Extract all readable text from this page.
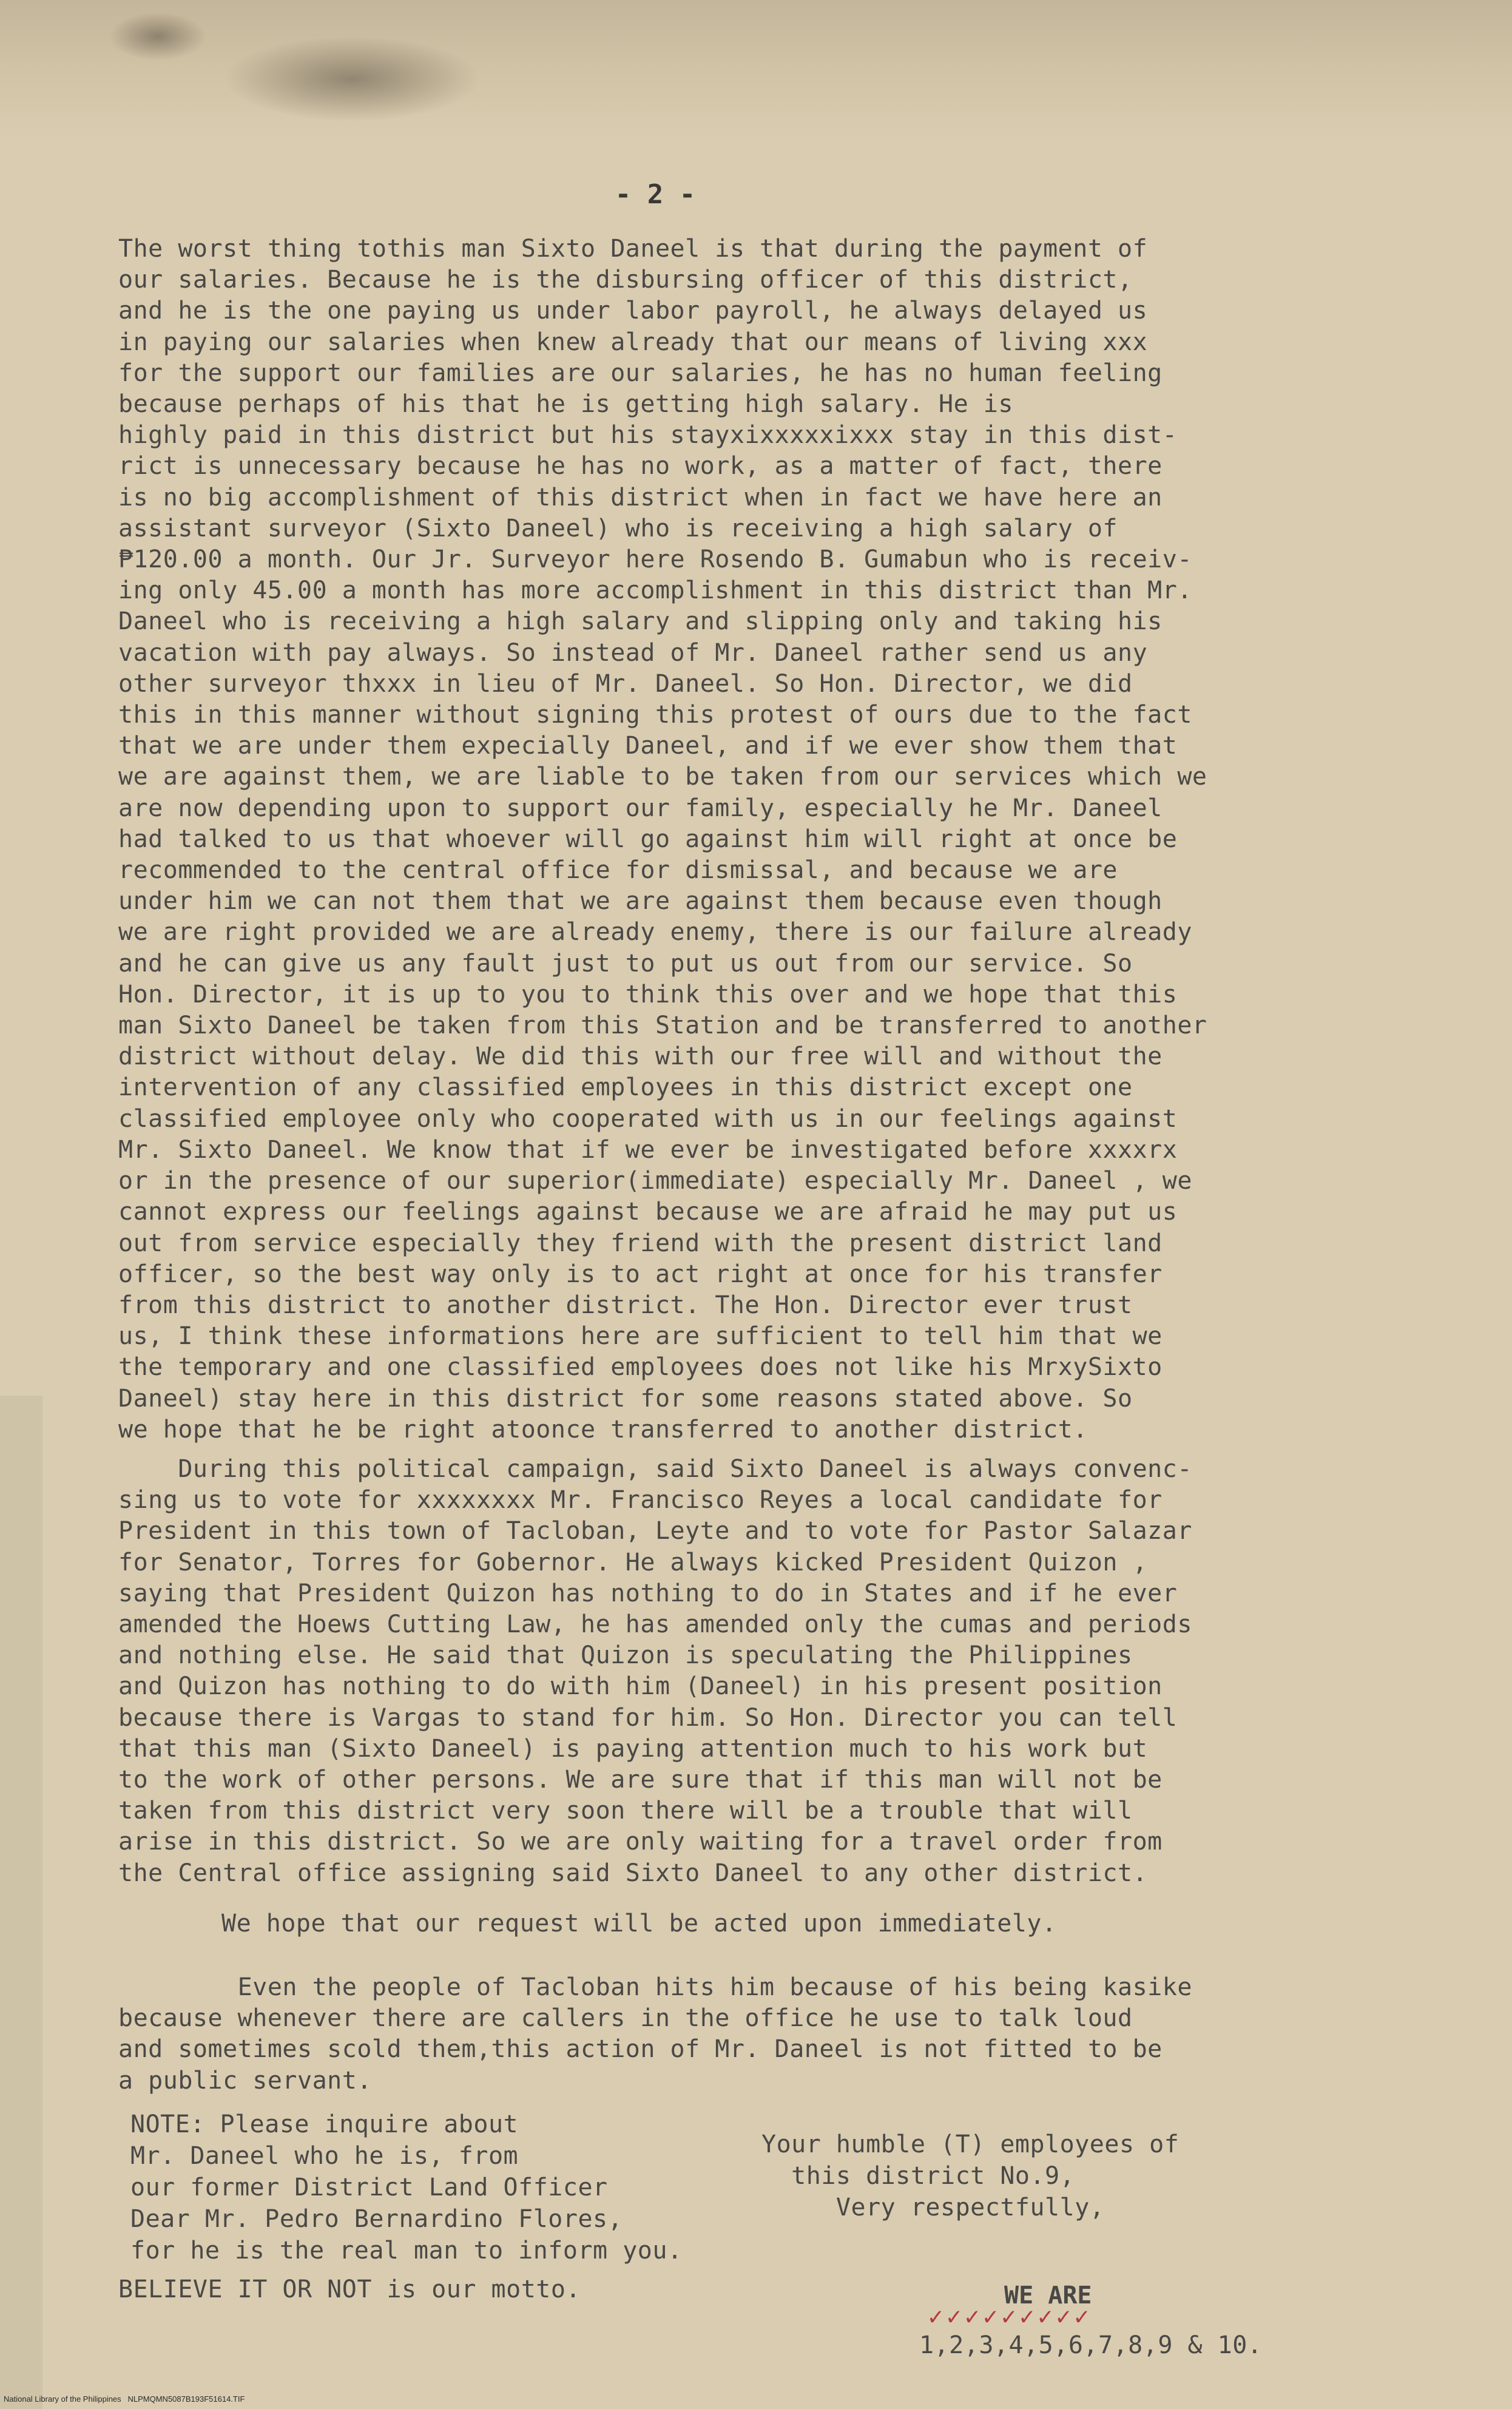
- 2 -
The worst thing tothis man Sixto Daneel is that during the payment of
our salaries. Because he is the disbursing officer of this district,
and he is the one paying us under labor payroll, he always delayed us
in paying our salaries when knew already that our means of living xxx
for the support our families are our salaries, he has no human feeling
because perhaps of his that he is getting high salary. He is
highly paid in this district but his stayxixxxxxixxx stay in this dist-
rict is unnecessary because he has no work, as a matter of fact, there
is no big accomplishment of this district when in fact we have here an
assistant surveyor (Sixto Daneel) who is receiving a high salary of
₱120.00 a month. Our Jr. Surveyor here Rosendo B. Gumabun who is receiv-
ing only 45.00 a month has more accomplishment in this district than Mr.
Daneel who is receiving a high salary and slipping only and taking his
vacation with pay always. So instead of Mr. Daneel rather send us any
other surveyor thxxx in lieu of Mr. Daneel. So Hon. Director, we did
this in this manner without signing this protest of ours due to the fact
that we are under them expecially Daneel, and if we ever show them that
we are against them, we are liable to be taken from our services which we
are now depending upon to support our family, especially he Mr. Daneel
had talked to us that whoever will go against him will right at once be
recommended to the central office for dismissal, and because we are
under him we can not them that we are against them because even though
we are right provided we are already enemy, there is our failure already
and he can give us any fault just to put us out from our service. So
Hon. Director, it is up to you to think this over and we hope that this
man Sixto Daneel be taken from this Station and be transferred to another
district without delay. We did this with our free will and without the
intervention of any classified employees in this district except one
classified employee only who cooperated with us in our feelings against
Mr. Sixto Daneel. We know that if we ever be investigated before xxxxrx
or in the presence of our superior(immediate) especially Mr. Daneel , we
cannot express our feelings against because we are afraid he may put us
out from service especially they friend with the present district land
officer, so the best way only is to act right at once for his transfer
from this district to another district. The Hon. Director ever trust
us, I think these informations here are sufficient to tell him that we
the temporary and one classified employees does not like his MrxySixto
Daneel) stay here in this district for some reasons stated above. So
we hope that he be right atoonce transferred to another district.
During this political campaign, said Sixto Daneel is always convenc-
sing us to vote for xxxxxxxx Mr. Francisco Reyes a local candidate for
President in this town of Tacloban, Leyte and to vote for Pastor Salazar
for Senator, Torres for Gobernor. He always kicked President Quizon ,
saying that President Quizon has nothing to do in States and if he ever
amended the Hoews Cutting Law, he has amended only the cumas and periods
and nothing else. He said that Quizon is speculating the Philippines
and Quizon has nothing to do with him (Daneel) in his present position
because there is Vargas to stand for him. So Hon. Director you can tell
that this man (Sixto Daneel) is paying attention much to his work but
to the work of other persons. We are sure that if this man will not be
taken from this district very soon there will be a trouble that will
arise in this district. So we are only waiting for a travel order from
the Central office assigning said Sixto Daneel to any other district.
We hope that our request will be acted upon immediately.
Even the people of Tacloban hits him because of his being kasike
because whenever there are callers in the office he use to talk loud
and sometimes scold them,this action of Mr. Daneel is not fitted to be
a public servant.
NOTE: Please inquire about
Mr. Daneel who he is, from
our former District Land Officer
Dear Mr. Pedro Bernardino Flores,
for he is the real man to inform you.
Your humble (T) employees of
this district No.9,
Very respectfully,
BELIEVE IT OR NOT is our motto.	WE ARE
✓✓✓✓✓✓✓✓✓
1,2,3,4,5,6,7,8,9 & 10.
National Library of the Philippines   NLPMQMN5087B193F51614.TIF
